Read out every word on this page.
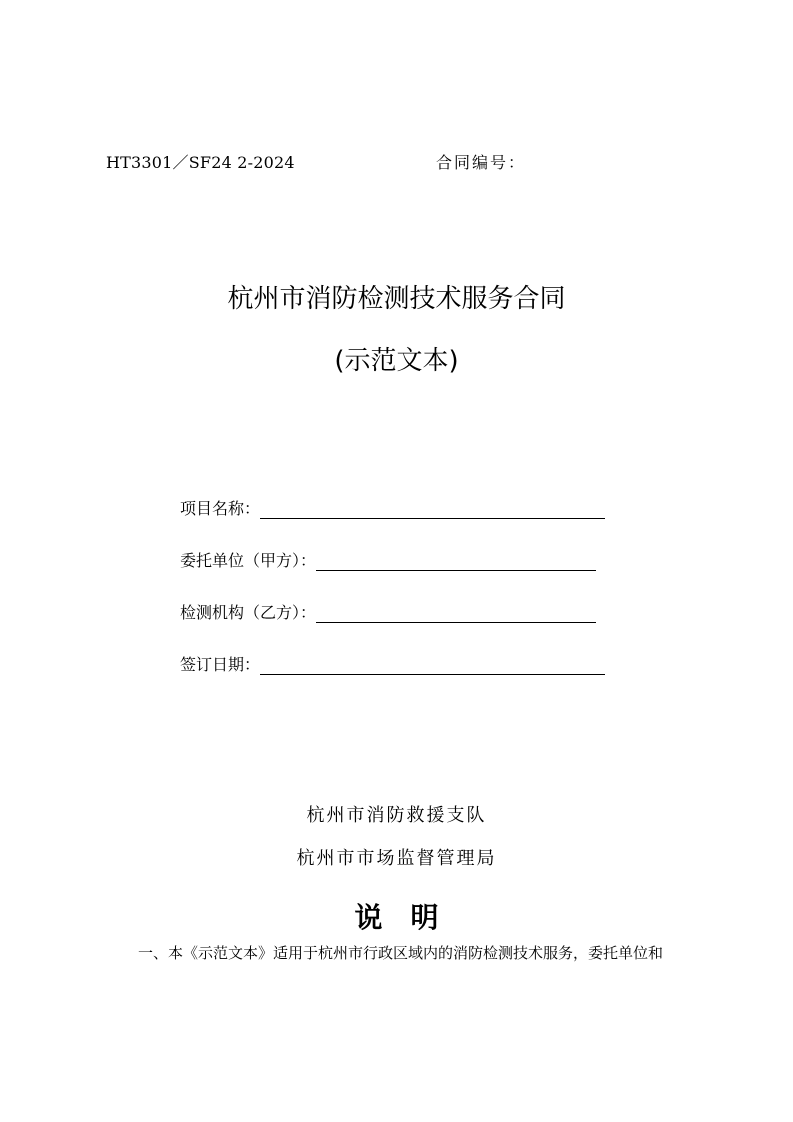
HT3301／SF24 2-2024	合同编号：
杭州市消防检测技术服务合同
(示范文本)
项目名称：
委托单位（甲方）：
检测机构（乙方）：
签订日期：
杭州市消防救援支队
杭州市市场监督管理局
说明
一、本《示范文本》适用于杭州市行政区域内的消防检测技术服务，委托单位和
